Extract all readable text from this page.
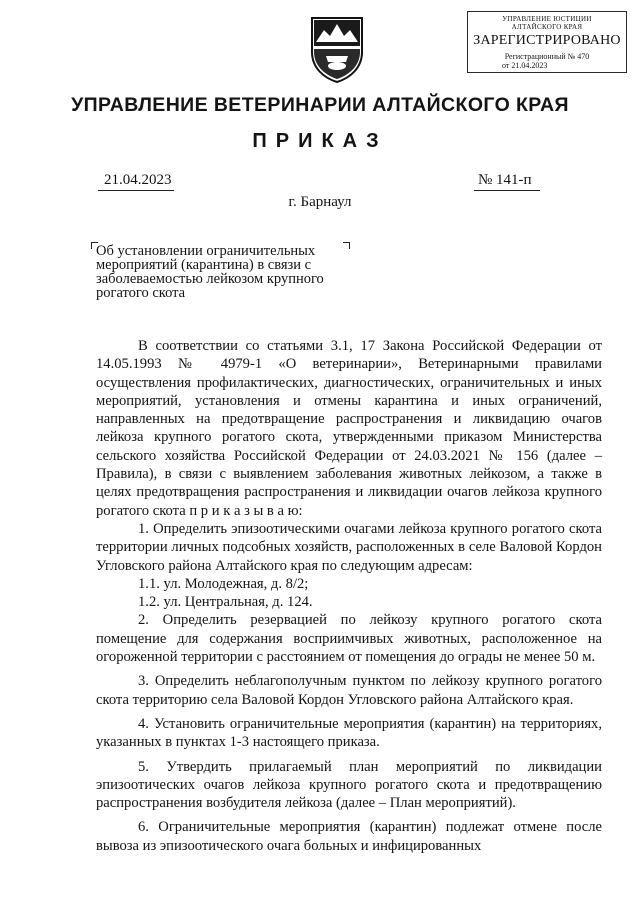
УПРАВЛЕНИЕ ЮСТИЦИИ
АЛТАЙСКОГО КРАЯ
ЗАРЕГИСТРИРОВАНО
Регистрационный № 470
от 21.04.2023
УПРАВЛЕНИЕ ВЕТЕРИНАРИИ АЛТАЙСКОГО КРАЯ
ПРИКАЗ
21.04.2023	№ 141-п
г. Барнаул
Об установлении ограничительных мероприятий (карантина) в связи с заболеваемостью лейкозом крупного рогатого скота

В соответствии со статьями 3.1, 17 Закона Российской Федерации от 14.05.1993 № 4979-1 «О ветеринарии», Ветеринарными правилами осуществления профилактических, диагностических, ограничительных и иных мероприятий, установления и отмены карантина и иных ограничений, направленных на предотвращение распространения и ликвидацию очагов лейкоза крупного рогатого скота, утвержденными приказом Министерства сельского хозяйства Российской Федерации от 24.03.2021 № 156 (далее – Правила), в связи с выявлением заболевания животных лейкозом, а также в целях предотвращения распространения и ликвидации очагов лейкоза крупного рогатого скота п р и к а з ы в а ю:

1. Определить эпизоотическими очагами лейкоза крупного рогатого скота территории личных подсобных хозяйств, расположенных в селе Валовой Кордон Угловского района Алтайского края по следующим адресам:

1.1. ул. Молодежная, д. 8/2;

1.2. ул. Центральная, д. 124.

2. Определить резервацией по лейкозу крупного рогатого скота помещение для содержания восприимчивых животных, расположенное на огороженной территории с расстоянием от помещения до ограды не менее 50 м.

3. Определить неблагополучным пунктом по лейкозу крупного рогатого скота территорию села Валовой Кордон Угловского района Алтайского края.

4. Установить ограничительные мероприятия (карантин) на территориях, указанных в пунктах 1-3 настоящего приказа.

5. Утвердить прилагаемый план мероприятий по ликвидации эпизоотических очагов лейкоза крупного рогатого скота и предотвращению распространения возбудителя лейкоза (далее – План мероприятий).

6. Ограничительные мероприятия (карантин) подлежат отмене после вывоза из эпизоотического очага больных и инфицированных
